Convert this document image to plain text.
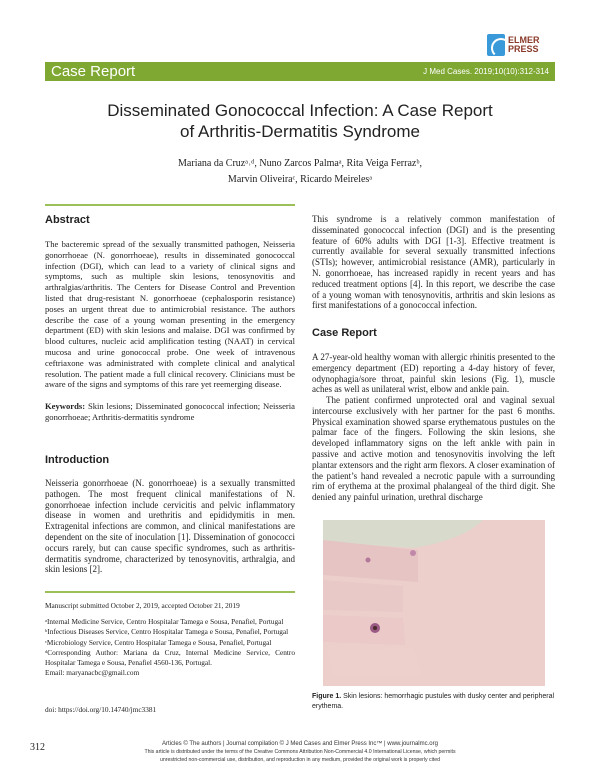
ELMER
PRESS
Case Report	J Med Cases. 2019;10(10):312-314
Disseminated Gonococcal Infection: A Case Report
of Arthritis-Dermatitis Syndrome
Mariana da Cruzᵃ˒ᵈ, Nuno Zarcos Palmaᵃ, Rita Veiga Ferrazᵇ,
Marvin Oliveiraᶜ, Ricardo Meirelesᵃ
Abstract
The bacteremic spread of the sexually transmitted pathogen, Neisseria gonorrhoeae (N. gonorrhoeae), results in disseminated gonococcal infection (DGI), which can lead to a variety of clinical signs and symptoms, such as multiple skin lesions, tenosynovitis and arthralgias/arthritis. The Centers for Disease Control and Prevention listed that drug-resistant N. gonorrhoeae (cephalosporin resistance) poses an urgent threat due to antimicrobial resistance. The authors describe the case of a young woman presenting in the emergency department (ED) with skin lesions and malaise. DGI was confirmed by blood cultures, nucleic acid amplification testing (NAAT) in cervical mucosa and urine gonococcal probe. One week of intravenous ceftriaxone was administrated with complete clinical and analytical resolution. The patient made a full clinical recovery. Clinicians must be aware of the signs and symptoms of this rare yet reemerging disease.
Keywords: Skin lesions; Disseminated gonococcal infection; Neisseria gonorrhoeae; Arthritis-dermatitis syndrome
Introduction
Neisseria gonorrhoeae (N. gonorrhoeae) is a sexually transmitted pathogen. The most frequent clinical manifestations of N. gonorrhoeae infection include cervicitis and pelvic inflammatory disease in women and urethritis and epididymitis in men. Extragenital infections are common, and clinical manifestations are dependent on the site of inoculation [1]. Dissemination of gonococci occurs rarely, but can cause specific syndromes, such as arthritis-dermatitis syndrome, characterized by tenosynovitis, arthralgia, and skin lesions [2].
Manuscript submitted October 2, 2019, accepted October 21, 2019
ᵃInternal Medicine Service, Centro Hospitalar Tamega e Sousa, Penafiel, Portugal
ᵇInfectious Diseases Service, Centro Hospitalar Tamega e Sousa, Penafiel, Portugal
ᶜMicrobiology Service, Centro Hospitalar Tamega e Sousa, Penafiel, Portugal
ᵈCorresponding Author: Mariana da Cruz, Internal Medicine Service, Centro Hospitalar Tamega e Sousa, Penafiel 4560-136, Portugal.
Email: maryanacbc@gmail.com
doi: https://doi.org/10.14740/jmc3381
This syndrome is a relatively common manifestation of disseminated gonococcal infection (DGI) and is the presenting feature of 60% adults with DGI [1-3]. Effective treatment is currently available for several sexually transmitted infections (STIs); however, antimicrobial resistance (AMR), particularly in N. gonorrhoeae, has increased rapidly in recent years and has reduced treatment options [4]. In this report, we describe the case of a young woman with tenosynovitis, arthritis and skin lesions as first manifestations of a gonococcal infection.
Case Report
A 27-year-old healthy woman with allergic rhinitis presented to the emergency department (ED) reporting a 4-day history of fever, odynophagia/sore throat, painful skin lesions (Fig. 1), muscle aches as well as unilateral wrist, elbow and ankle pain.
The patient confirmed unprotected oral and vaginal sexual intercourse exclusively with her partner for the past 6 months. Physical examination showed sparse erythematous pustules on the palmar face of the fingers. Following the skin lesions, she developed inflammatory signs on the left ankle with pain in passive and active motion and tenosynovitis involving the left plantar extensors and the right arm flexors. A closer examination of the patient’s hand revealed a necrotic papule with a surrounding rim of erythema at the proximal phalangeal of the third digit. She denied any painful urination, urethral discharge
Figure 1. Skin lesions: hemorrhagic pustules with dusky center and peripheral erythema.
312	Articles © The authors | Journal compilation © J Med Cases and Elmer Press Inc™ | www.journalmc.org
This article is distributed under the terms of the Creative Commons Attribution Non-Commercial 4.0 International License, which permits
unrestricted non-commercial use, distribution, and reproduction in any medium, provided the original work is properly cited
